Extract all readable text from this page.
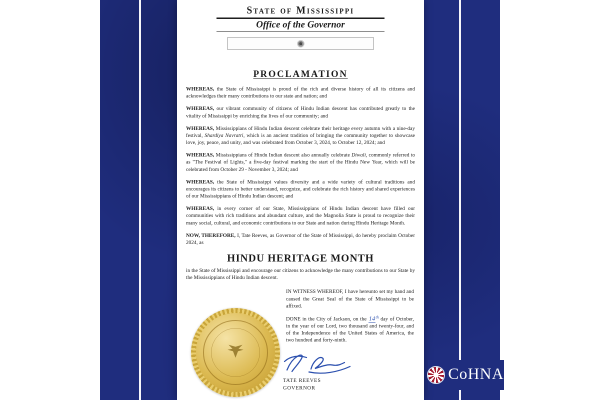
State of Mississippi
Office of the Governor
PROCLAMATION

WHEREAS, the State of Mississippi is proud of the rich and diverse history of all its citizens and acknowledges their many contributions to our state and nation; and

WHEREAS, our vibrant community of citizens of Hindu Indian descent has contributed greatly to the vitality of Mississippi by enriching the lives of our community; and

WHEREAS, Mississippians of Hindu Indian descent celebrate their heritage every autumn with a nine-day festival, Shardiya Navratri, which is an ancient tradition of bringing the community together to showcase love, joy, peace, and unity, and was celebrated from October 3, 2024, to October 12, 2024; and

WHEREAS, Mississippians of Hindu Indian descent also annually celebrate Diwali, commonly referred to as "The Festival of Lights," a five-day festival marking the start of the Hindu New Year, which will be celebrated from October 29 - November 3, 2024; and

WHEREAS, the State of Mississippi values diversity and a wide variety of cultural traditions and encourages its citizens to better understand, recognize, and celebrate the rich history and shared experiences of our Mississippians of Hindu Indian descent; and

WHEREAS, in every corner of our State, Mississippians of Hindu Indian descent have filled our communities with rich traditions and abundant culture, and the Magnolia State is proud to recognize their many social, cultural, and economic contributions to our State and nation during Hindu Heritage Month.

NOW, THEREFORE, I, Tate Reeves, as Governor of the State of Mississippi, do hereby proclaim October 2024, as

HINDU HERITAGE MONTH

in the State of Mississippi and encourage our citizens to acknowledge the many contributions to our State by the Mississippians of Hindu Indian descent.

IN WITNESS WHEREOF, I have hereunto set my hand and caused the Great Seal of the State of Mississippi to be affixed.

DONE in the City of Jackson, on the 14th day of October, in the year of our Lord, two thousand and twenty-four, and of the Independence of the United States of America, the two hundred and forty-ninth.

TATE REEVES
GOVERNOR
CoHNA
